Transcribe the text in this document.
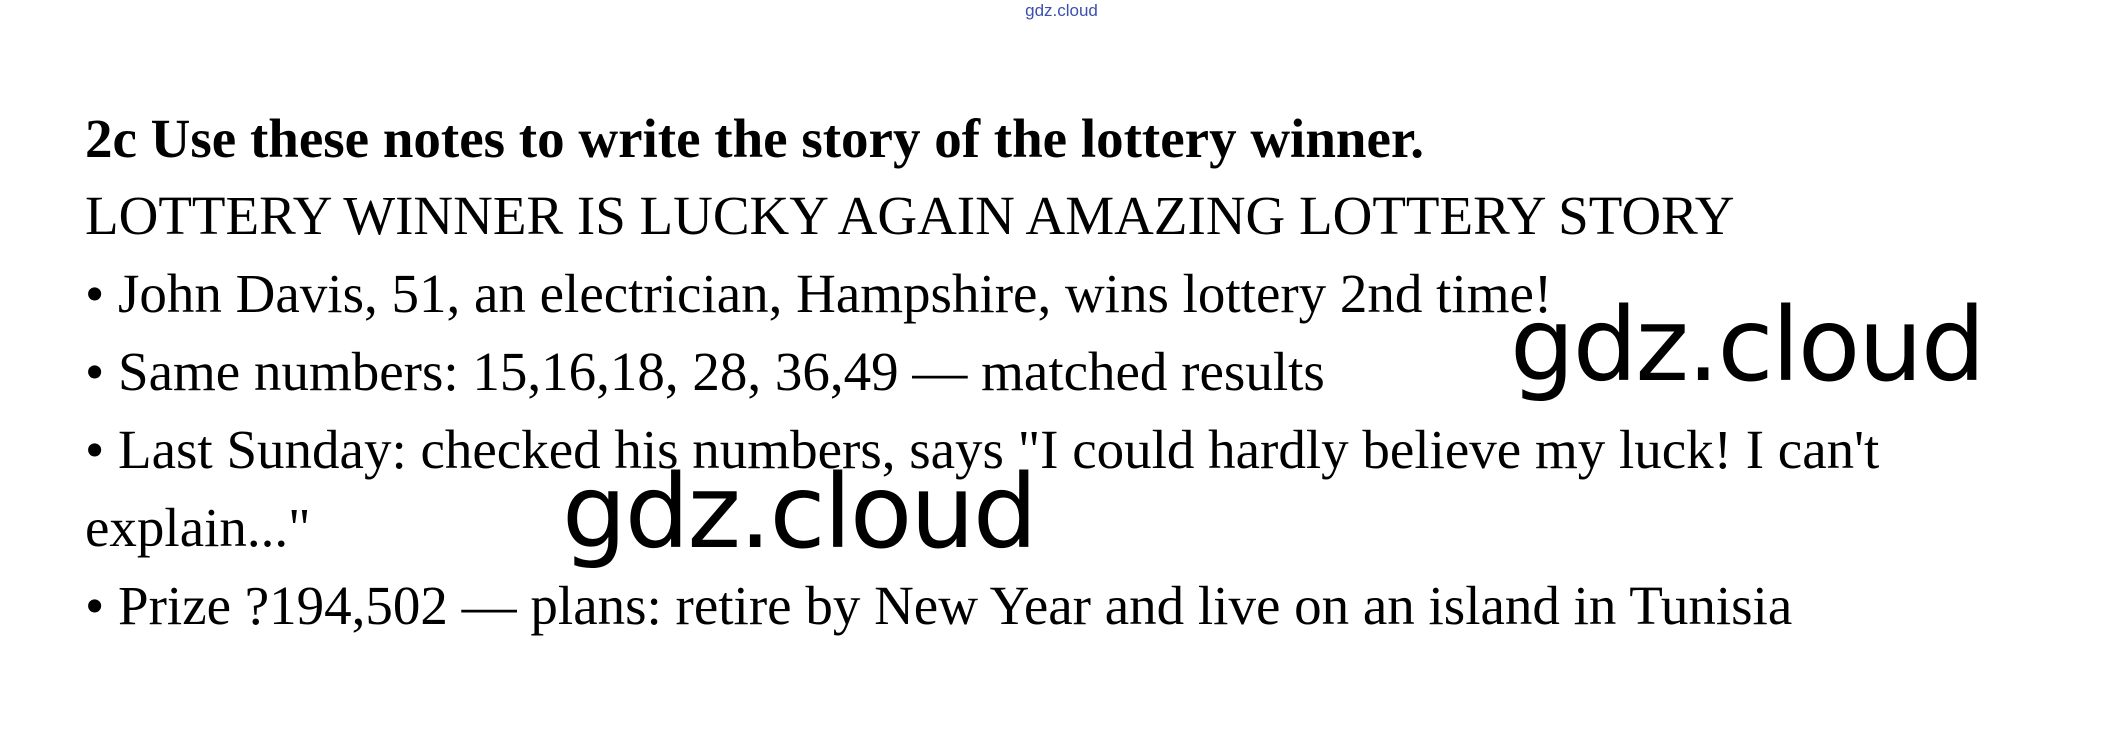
gdz.cloud
2c Use these notes to write the story of the lottery winner.
LOTTERY WINNER IS LUCKY AGAIN AMAZING LOTTERY STORY
• John Davis, 51, an electrician, Hampshire, wins lottery 2nd time!
• Same numbers: 15,16,18, 28, 36,49 — matched results
• Last Sunday: checked his numbers, says "I could hardly believe my luck! I can't
explain..."
• Prize ?194,502 — plans: retire by New Year and live on an island in Tunisia
gdz.cloud
gdz.cloud
